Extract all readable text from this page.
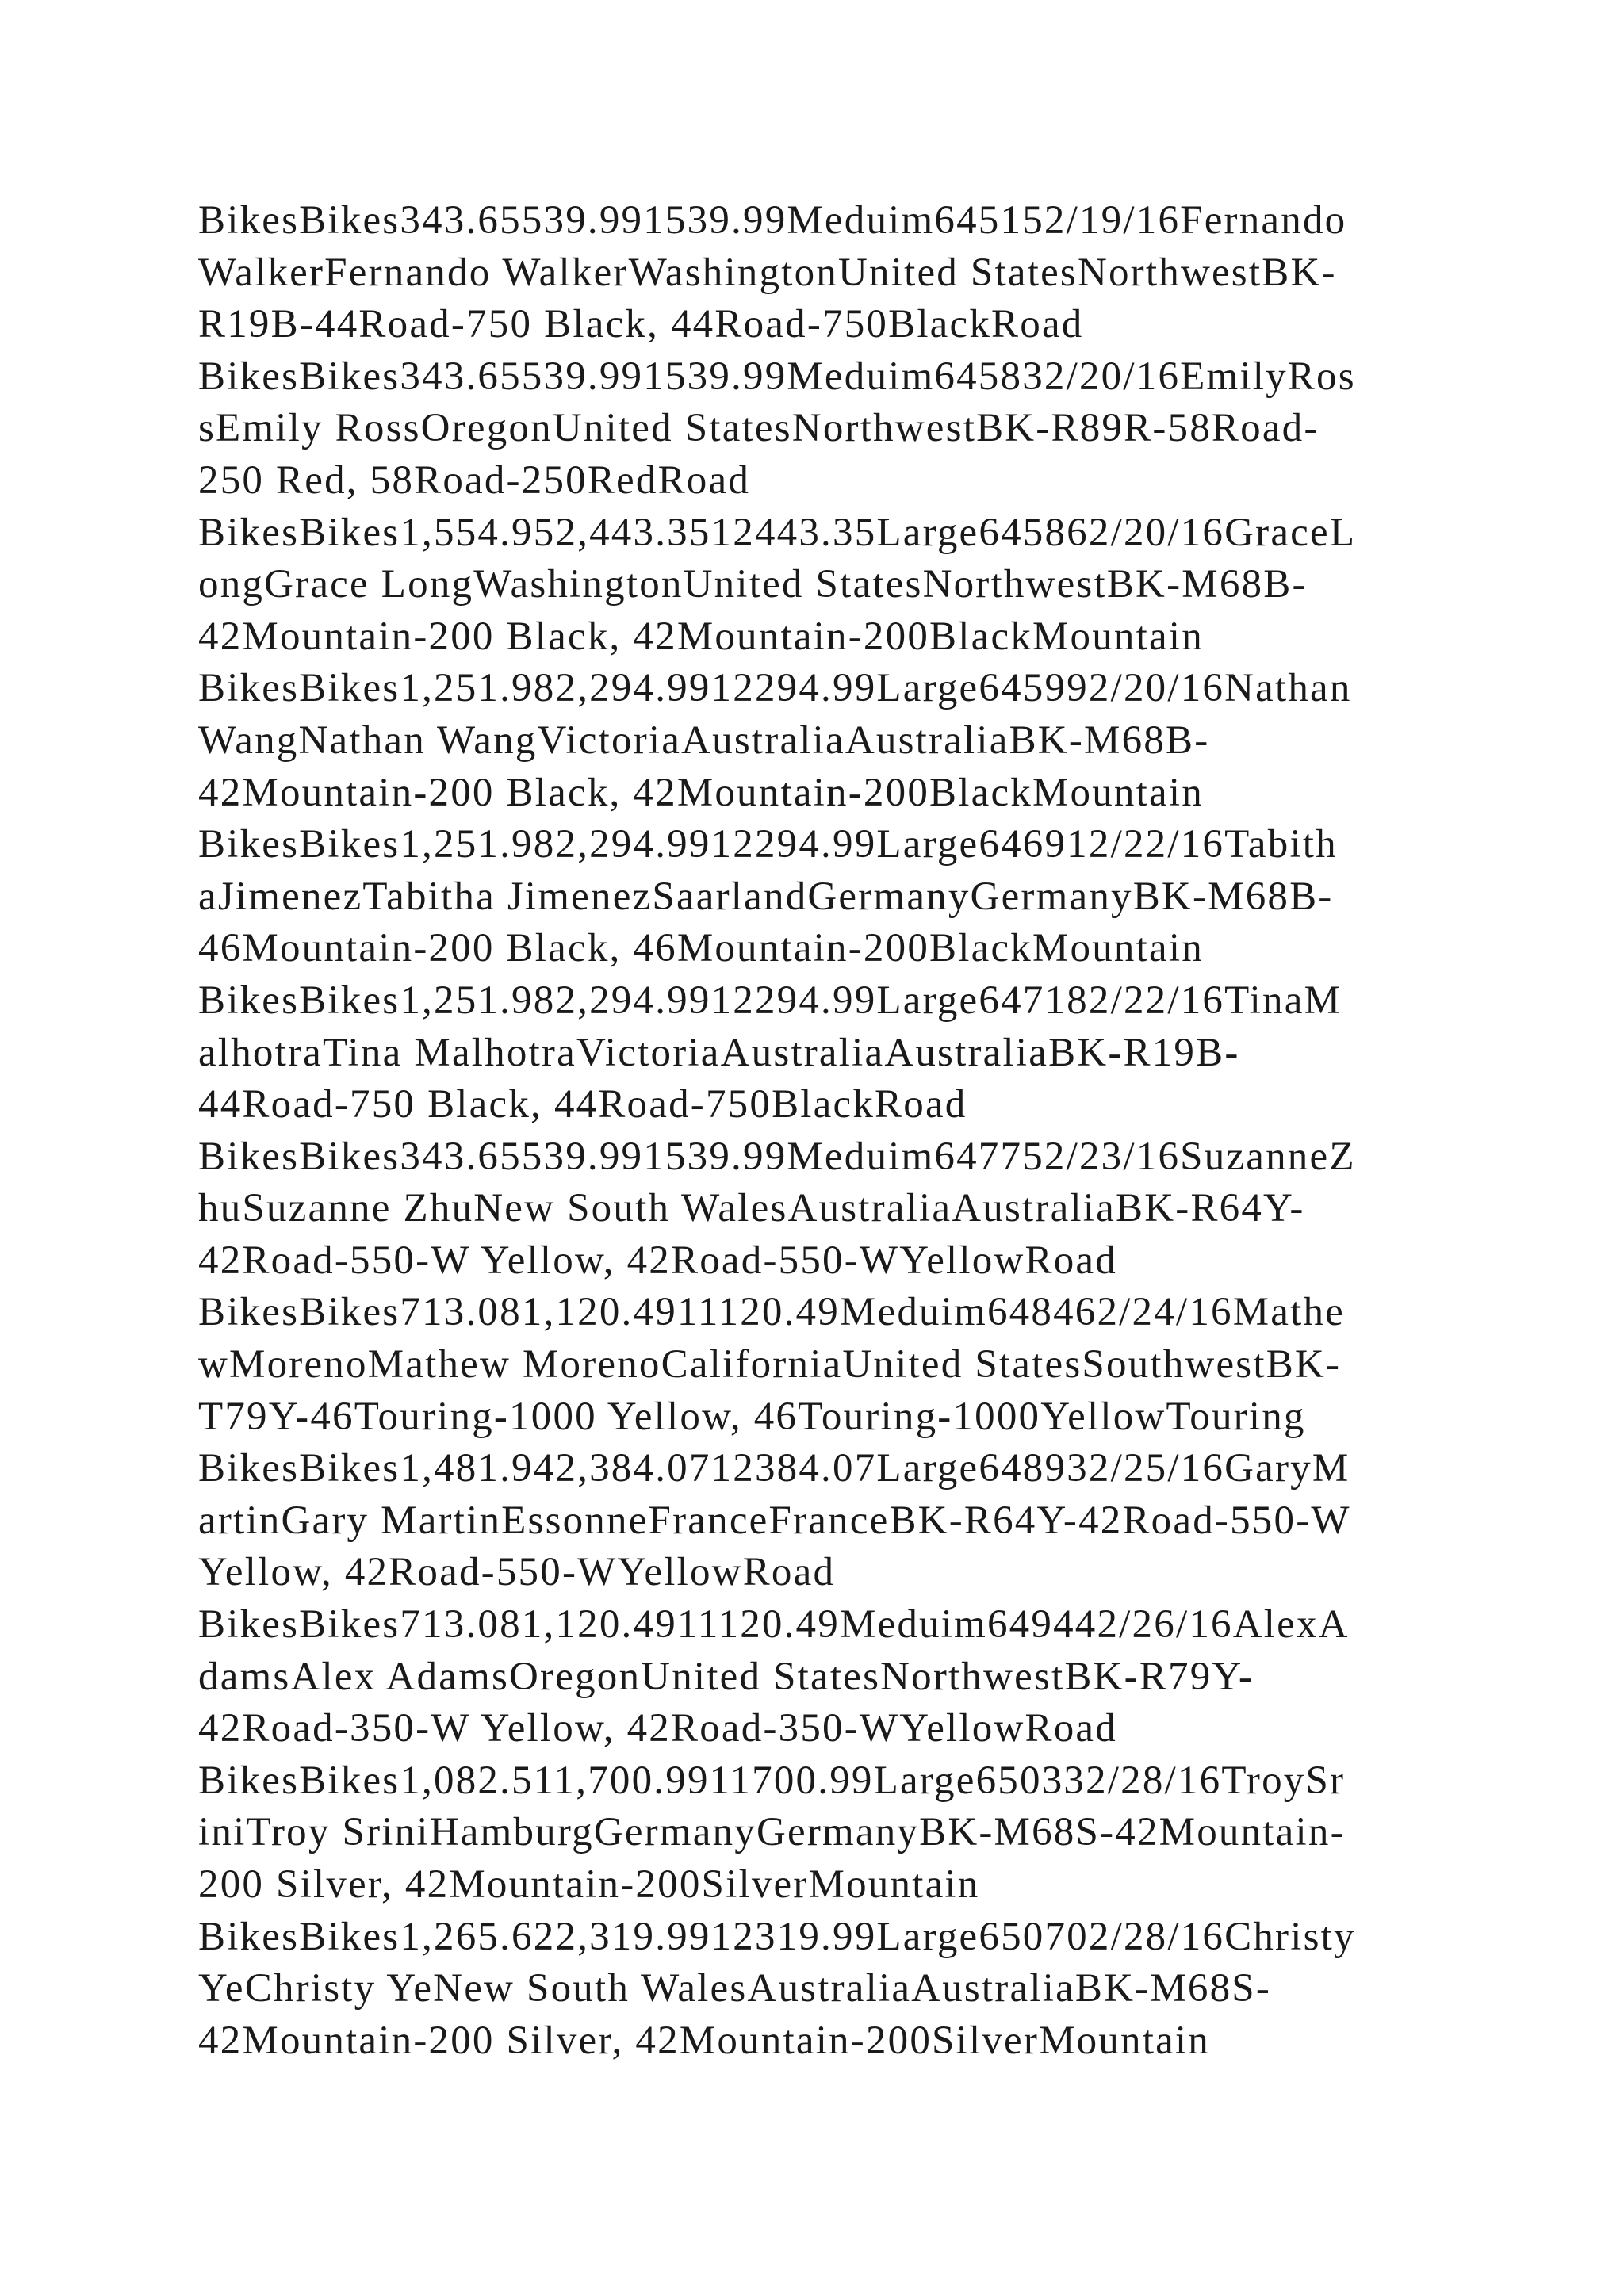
BikesBikes343.65539.991539.99Meduim645152/19/16Fernando
WalkerFernando WalkerWashingtonUnited StatesNorthwestBK-
R19B-44Road-750 Black, 44Road-750BlackRoad
BikesBikes343.65539.991539.99Meduim645832/20/16EmilyRos
sEmily RossOregonUnited StatesNorthwestBK-R89R-58Road-
250 Red, 58Road-250RedRoad
BikesBikes1,554.952,443.3512443.35Large645862/20/16GraceL
ongGrace LongWashingtonUnited StatesNorthwestBK-M68B-
42Mountain-200 Black, 42Mountain-200BlackMountain
BikesBikes1,251.982,294.9912294.99Large645992/20/16Nathan
WangNathan WangVictoriaAustraliaAustraliaBK-M68B-
42Mountain-200 Black, 42Mountain-200BlackMountain
BikesBikes1,251.982,294.9912294.99Large646912/22/16Tabith
aJimenezTabitha JimenezSaarlandGermanyGermanyBK-M68B-
46Mountain-200 Black, 46Mountain-200BlackMountain
BikesBikes1,251.982,294.9912294.99Large647182/22/16TinaM
alhotraTina MalhotraVictoriaAustraliaAustraliaBK-R19B-
44Road-750 Black, 44Road-750BlackRoad
BikesBikes343.65539.991539.99Meduim647752/23/16SuzanneZ
huSuzanne ZhuNew South WalesAustraliaAustraliaBK-R64Y-
42Road-550-W Yellow, 42Road-550-WYellowRoad
BikesBikes713.081,120.4911120.49Meduim648462/24/16Mathe
wMorenoMathew MorenoCaliforniaUnited StatesSouthwestBK-
T79Y-46Touring-1000 Yellow, 46Touring-1000YellowTouring
BikesBikes1,481.942,384.0712384.07Large648932/25/16GaryM
artinGary MartinEssonneFranceFranceBK-R64Y-42Road-550-W
Yellow, 42Road-550-WYellowRoad
BikesBikes713.081,120.4911120.49Meduim649442/26/16AlexA
damsAlex AdamsOregonUnited StatesNorthwestBK-R79Y-
42Road-350-W Yellow, 42Road-350-WYellowRoad
BikesBikes1,082.511,700.9911700.99Large650332/28/16TroySr
iniTroy SriniHamburgGermanyGermanyBK-M68S-42Mountain-
200 Silver, 42Mountain-200SilverMountain
BikesBikes1,265.622,319.9912319.99Large650702/28/16Christy
YeChristy YeNew South WalesAustraliaAustraliaBK-M68S-
42Mountain-200 Silver, 42Mountain-200SilverMountain
